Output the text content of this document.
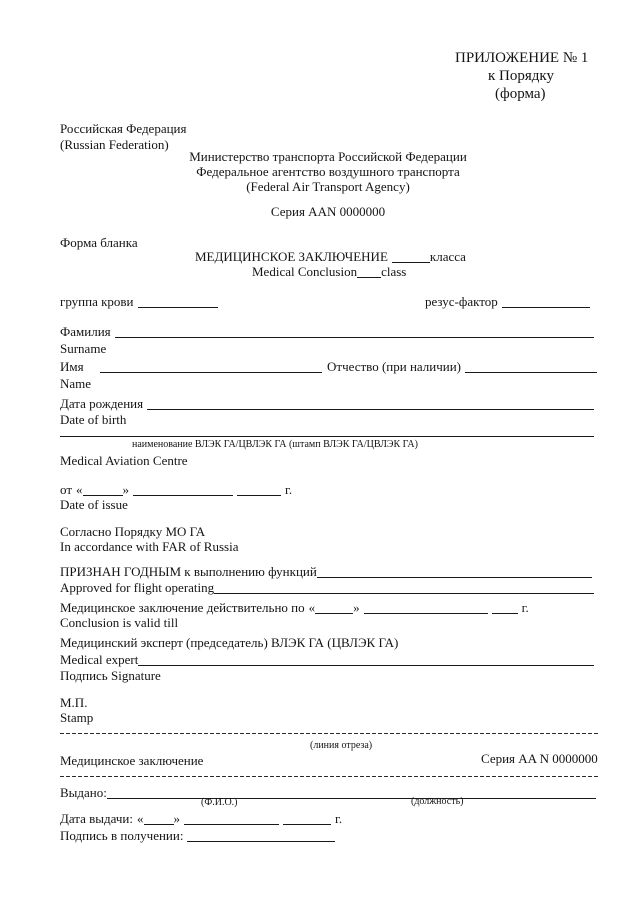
ПРИЛОЖЕНИЕ № 1
к Порядку
(форма)
Российская Федерация
(Russian Federation)
Министерство транспорта Российской Федерации
Федеральное агентство воздушного транспорта
(Federal Air Transport Agency)
Серия AAN 0000000
Форма бланка
МЕДИЦИНСКОЕ ЗАКЛЮЧЕНИЕ	класса
Medical Conclusion class
группа крови	резус-фактор
Фамилия
Surname
Имя	Отчество (при наличии)
Name
Дата рождения
Date of birth
наименование ВЛЭК ГА/ЦВЛЭК ГА (штамп ВЛЭК ГА/ЦВЛЭК ГА)
Medical Aviation Centre
от «	»	г.
Date of issue
Согласно Порядку МО ГА
In accordance with FAR of Russia
ПРИЗНАН ГОДНЫМ к выполнению функций
Approved for flight operating
Медицинское заключение действительно по «	»	г.
Conclusion is valid till
Медицинский эксперт (председатель) ВЛЭК ГА (ЦВЛЭК ГА)
Medical expert
Подпись Signature
М.П.
Stamp
(линия отреза)
Медицинское заключение	Серия AA N 0000000
Выдано:
(Ф.И.О.)	(должность)
Дата выдачи: « »	г.
Подпись в получении:
